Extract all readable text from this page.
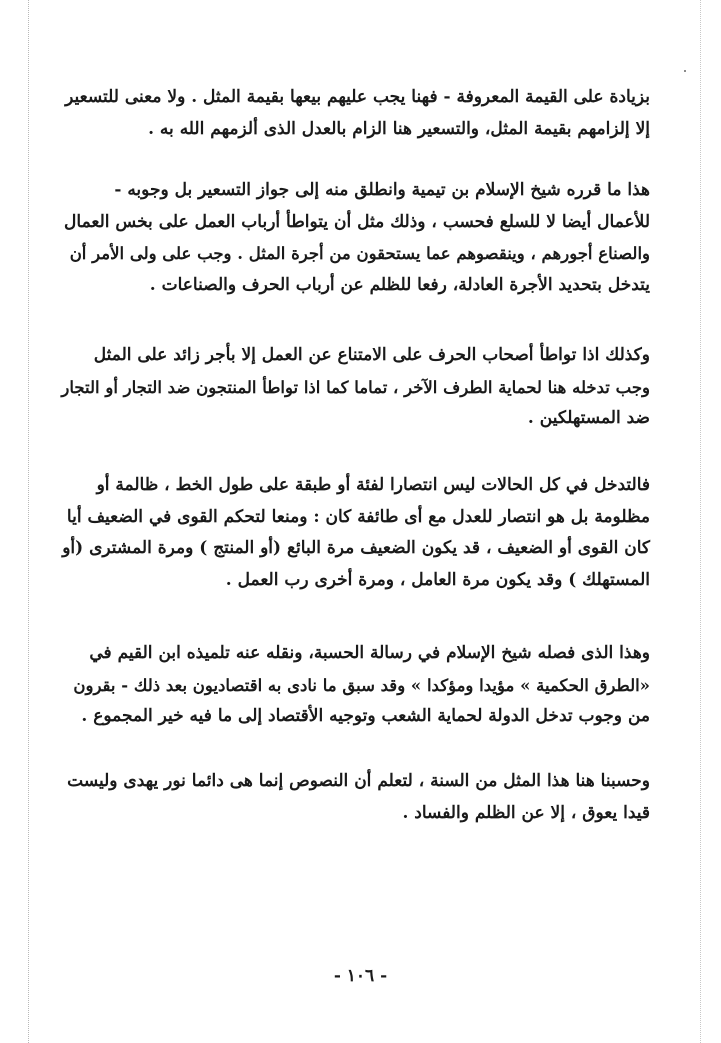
بزيادة على القيمة المعروفة - فهنا يجب عليهم بيعها بقيمة المثل . ولا معنى للتسعير
إلا إلزامهم بقيمة المثل، والتسعير هنا الزام بالعدل الذى ألزمهم الله به .
هذا ما قرره شيخ الإسلام بن تيمية وانطلق منه إلى جواز التسعير بل وجوبه -
للأعمال أيضا لا للسلع فحسب ، وذلك مثل أن يتواطأ أرباب العمل على بخس العمال
والصناع أجورهم ، وينقصوهم عما يستحقون من أجرة المثل . وجب على ولى الأمر أن
يتدخل بتحديد الأجرة العادلة، رفعا للظلم عن أرباب الحرف والصناعات .
وكذلك اذا تواطأ أصحاب الحرف على الامتناع عن العمل إلا بأجر زائد على المثل
وجب تدخله هنا لحماية الطرف الآخر ، تماما كما اذا تواطأ المنتجون ضد التجار أو التجار
ضد المستهلكين .
فالتدخل في كل الحالات ليس انتصارا لفئة أو طبقة على طول الخط ، ظالمة أو
مظلومة بل هو انتصار للعدل مع أى طائفة كان : ومنعا لتحكم القوى في الضعيف أيا
كان القوى أو الضعيف ، قد يكون الضعيف مرة البائع (أو المنتج ) ومرة المشترى (أو
المستهلك ) وقد يكون مرة العامل ، ومرة أخرى رب العمل .
وهذا الذى فصله شيخ الإسلام في رسالة الحسبة، ونقله عنه تلميذه ابن القيم في
«الطرق الحكمية » مؤيدا ومؤكدا » وقد سبق ما نادى به اقتصاديون بعد ذلك - بقرون
من وجوب تدخل الدولة لحماية الشعب وتوجيه الأقتصاد إلى ما فيه خير المجموع .
وحسبنا هنا هذا المثل من السنة ، لتعلم أن النصوص إنما هى دائما نور يهدى وليست
قيدا يعوق ، إلا عن الظلم والفساد .
- ١٠٦ -
